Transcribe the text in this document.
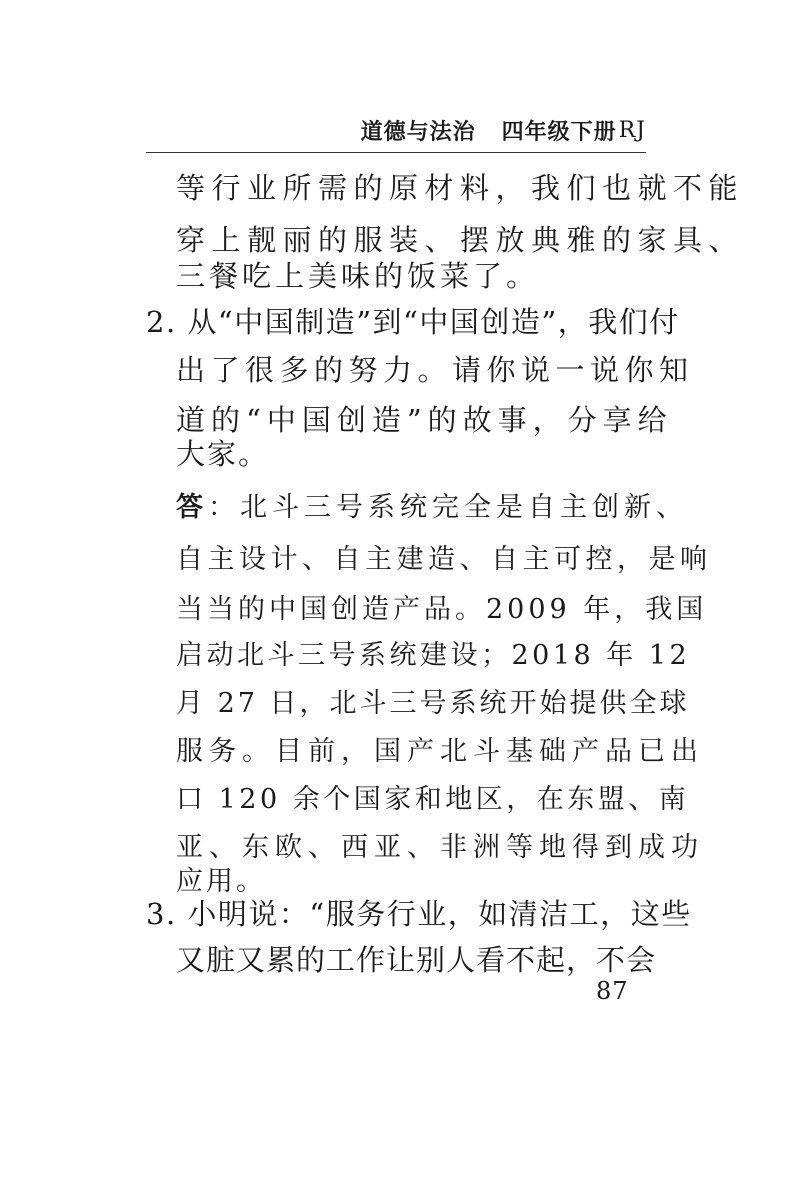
道德与法治 四年级下册 RJ
等行业所需的原材料，我们也就不能
穿上靓丽的服装、摆放典雅的家具、
三餐吃上美味的饭菜了。
2. 从“中国制造”到“中国创造”，我们付
出了很多的努力。请你说一说你知
道的“中国创造”的故事，分享给
大家。
答 ：北斗三号系统完全是自主创新、
自主设计、自主建造、自主可控，是响
当当的中国创造产品。2009 年，我国
启动北斗三号系统建设；2018 年 12
月 27 日，北斗三号系统开始提供全球
服务。目前，国产北斗基础产品已出
口 120 余个国家和地区，在东盟、南
亚、东欧、西亚、非洲等地得到成功
应用。
3. 小明说：“服务行业，如清洁工，这些
又脏又累的工作让别人看不起，不会
87
